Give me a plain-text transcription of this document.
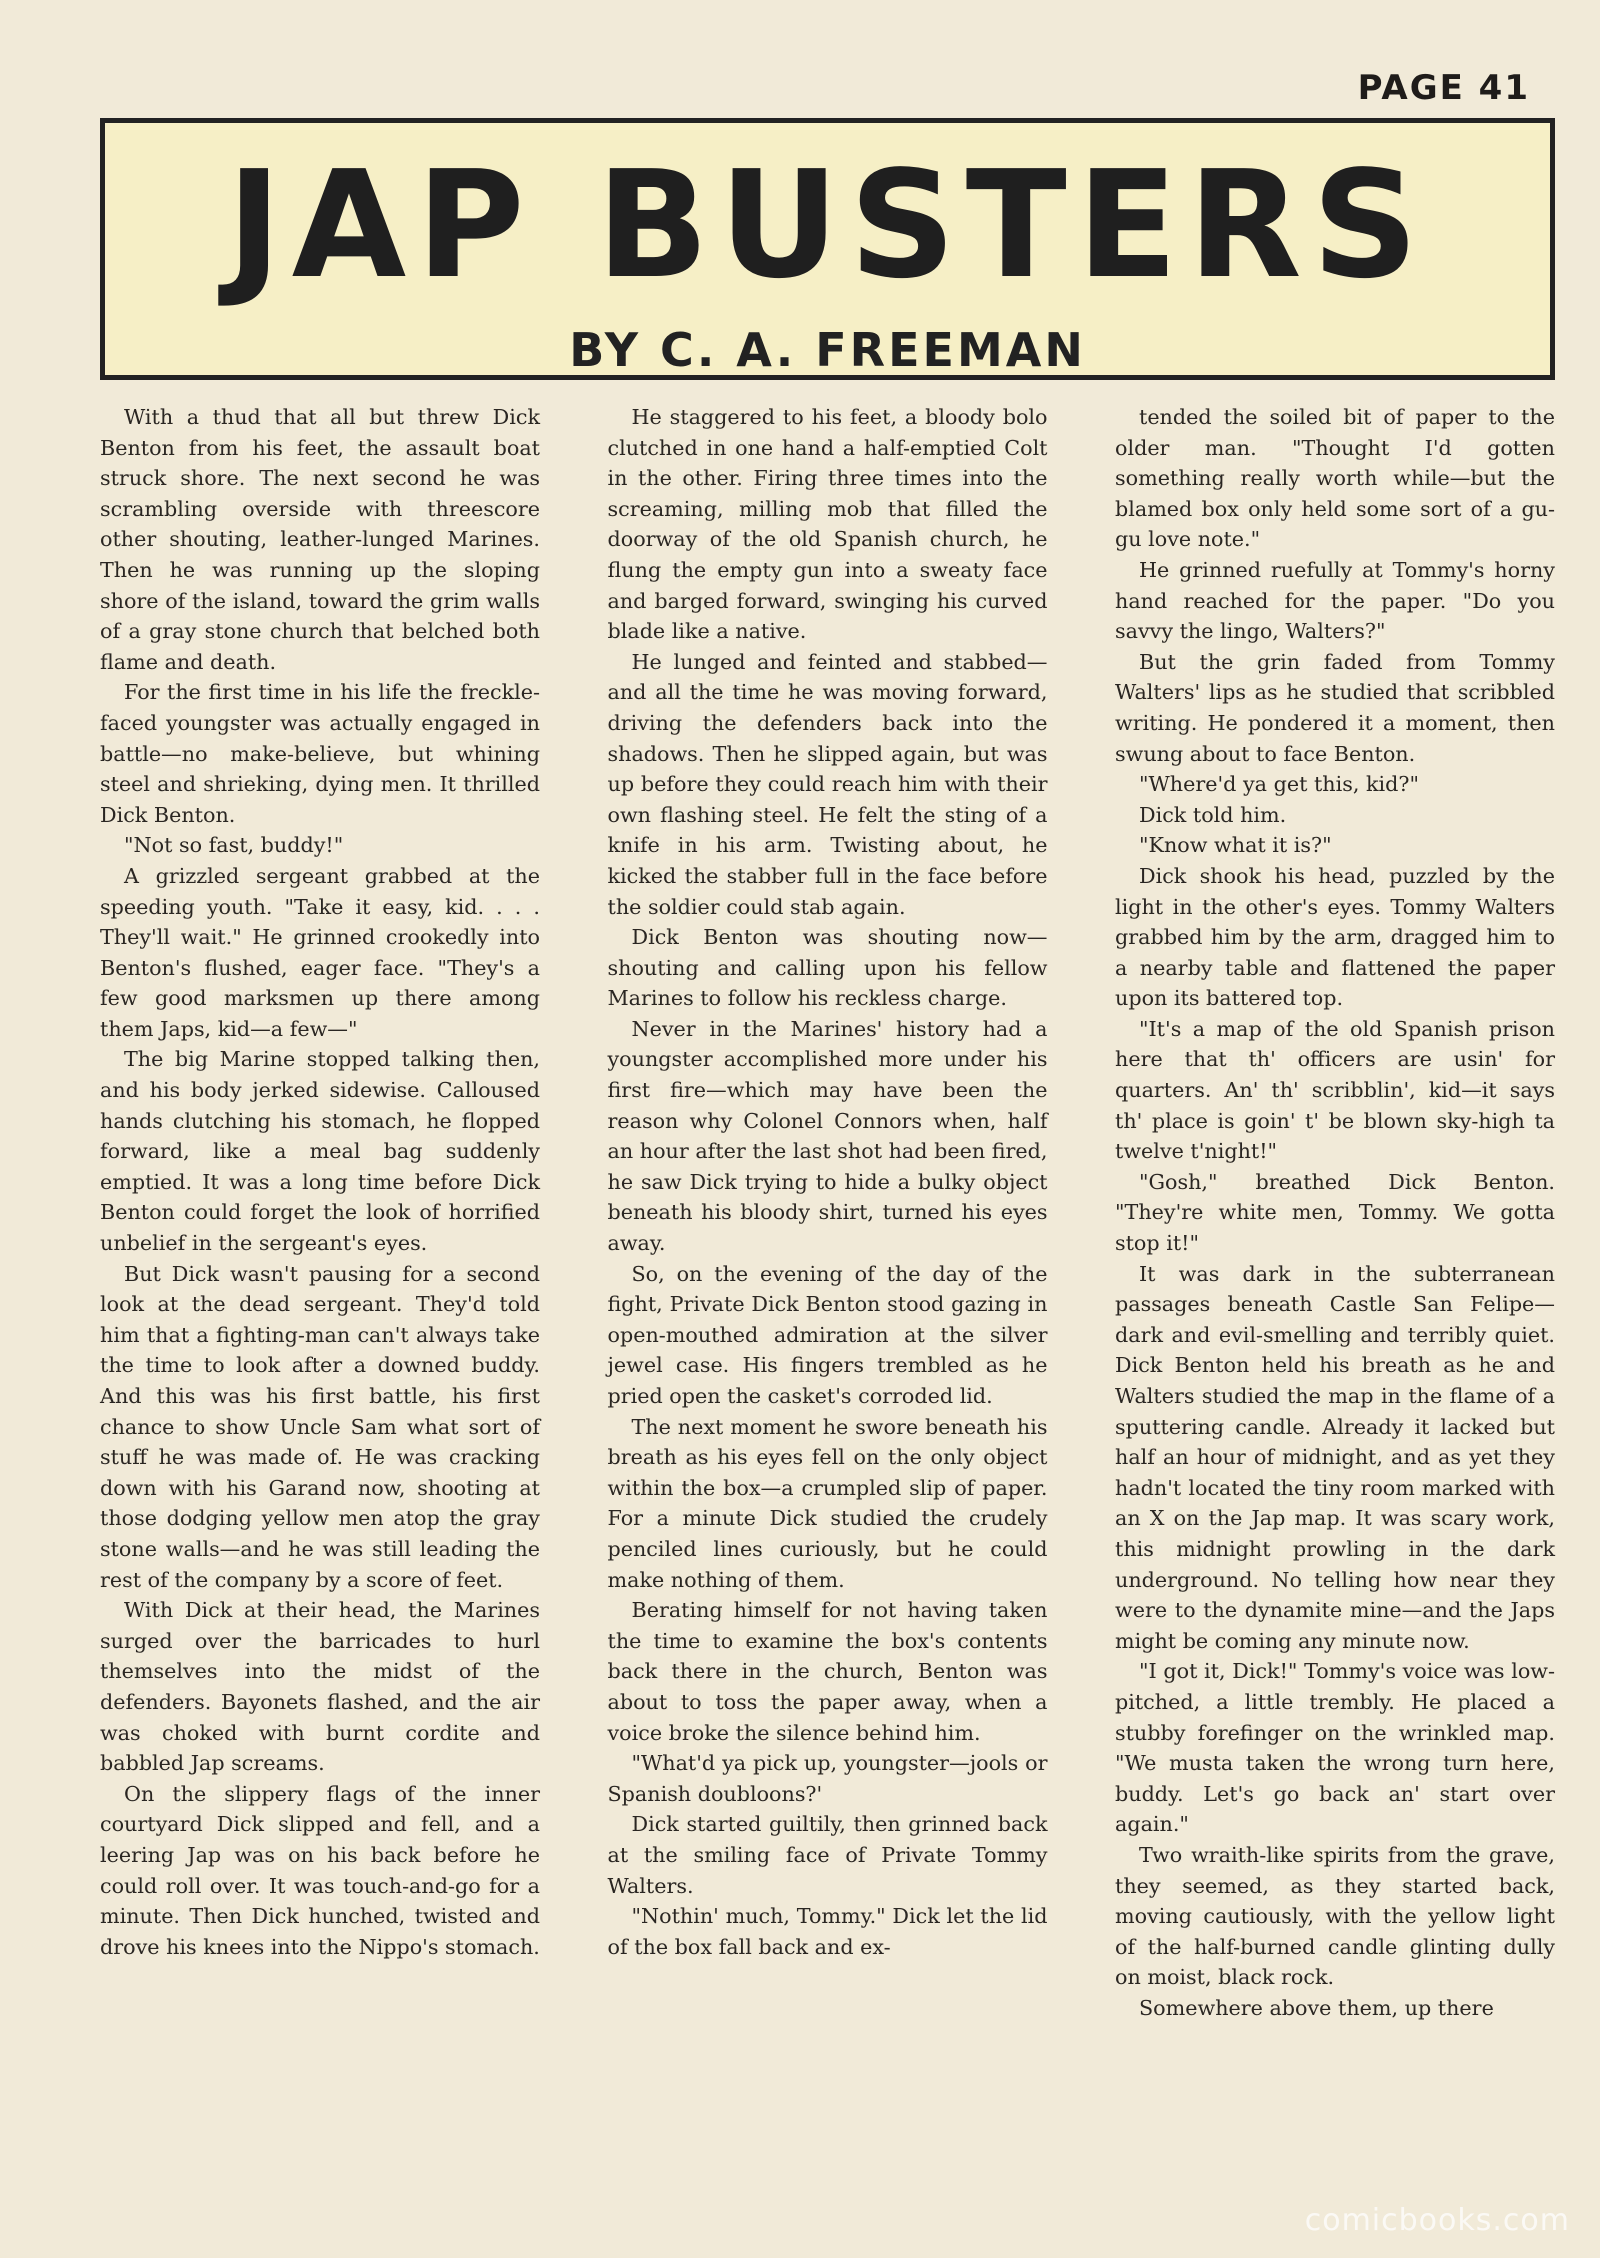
PAGE 41
JAP BUSTERS
BY C. A. FREEMAN

With a thud that all but threw Dick Benton from his feet, the assault boat struck shore. The next second he was scrambling overside with threescore other shouting, leather-lunged Marines. Then he was running up the sloping shore of the island, toward the grim walls of a gray stone church that belched both flame and death.

For the first time in his life the freckle-faced youngster was actually engaged in battle—no make-believe, but whining steel and shrieking, dying men. It thrilled Dick Benton.

"Not so fast, buddy!"

A grizzled sergeant grabbed at the speeding youth. "Take it easy, kid. . . . They'll wait." He grinned crookedly into Benton's flushed, eager face. "They's a few good marksmen up there among them Japs, kid—a few—"

The big Marine stopped talking then, and his body jerked sidewise. Calloused hands clutching his stomach, he flopped forward, like a meal bag suddenly emptied. It was a long time before Dick Benton could forget the look of horrified unbelief in the sergeant's eyes.

But Dick wasn't pausing for a second look at the dead sergeant. They'd told him that a fighting-man can't always take the time to look after a downed buddy. And this was his first battle, his first chance to show Uncle Sam what sort of stuff he was made of. He was cracking down with his Garand now, shooting at those dodging yellow men atop the gray stone walls—and he was still leading the rest of the company by a score of feet.

With Dick at their head, the Marines surged over the barricades to hurl themselves into the midst of the defenders. Bayonets flashed, and the air was choked with burnt cordite and babbled Jap screams.

On the slippery flags of the inner courtyard Dick slipped and fell, and a leering Jap was on his back before he could roll over. It was touch-and-go for a minute. Then Dick hunched, twisted and drove his knees into the Nippo's stomach.

He staggered to his feet, a bloody bolo clutched in one hand a half-emptied Colt in the other. Firing three times into the screaming, milling mob that filled the doorway of the old Spanish church, he flung the empty gun into a sweaty face and barged forward, swinging his curved blade like a native.

He lunged and feinted and stabbed—and all the time he was moving forward, driving the defenders back into the shadows. Then he slipped again, but was up before they could reach him with their own flashing steel. He felt the sting of a knife in his arm. Twisting about, he kicked the stabber full in the face before the soldier could stab again.

Dick Benton was shouting now—shouting and calling upon his fellow Marines to follow his reckless charge.

Never in the Marines' history had a youngster accomplished more under his first fire—which may have been the reason why Colonel Connors when, half an hour after the last shot had been fired, he saw Dick trying to hide a bulky object beneath his bloody shirt, turned his eyes away.

So, on the evening of the day of the fight, Private Dick Benton stood gazing in open-mouthed admiration at the silver jewel case. His fingers trembled as he pried open the casket's corroded lid.

The next moment he swore beneath his breath as his eyes fell on the only object within the box—a crumpled slip of paper. For a minute Dick studied the crudely penciled lines curiously, but he could make nothing of them.

Berating himself for not having taken the time to examine the box's contents back there in the church, Benton was about to toss the paper away, when a voice broke the silence behind him.

"What'd ya pick up, youngster—jools or Spanish doubloons?'

Dick started guiltily, then grinned back at the smiling face of Private Tommy Walters.

"Nothin' much, Tommy." Dick let the lid of the box fall back and ex-

tended the soiled bit of paper to the older man. "Thought I'd gotten something really worth while—but the blamed box only held some sort of a gu-gu love note."

He grinned ruefully at Tommy's horny hand reached for the paper. "Do you savvy the lingo, Walters?"

But the grin faded from Tommy Walters' lips as he studied that scribbled writing. He pondered it a moment, then swung about to face Benton.

"Where'd ya get this, kid?"

Dick told him.

"Know what it is?"

Dick shook his head, puzzled by the light in the other's eyes. Tommy Walters grabbed him by the arm, dragged him to a nearby table and flattened the paper upon its battered top.

"It's a map of the old Spanish prison here that th' officers are usin' for quarters. An' th' scribblin', kid—it says th' place is goin' t' be blown sky-high ta twelve t'night!"

"Gosh," breathed Dick Benton. "They're white men, Tommy. We gotta stop it!"

It was dark in the subterranean passages beneath Castle San Felipe—dark and evil-smelling and terribly quiet. Dick Benton held his breath as he and Walters studied the map in the flame of a sputtering candle. Already it lacked but half an hour of midnight, and as yet they hadn't located the tiny room marked with an X on the Jap map. It was scary work, this midnight prowling in the dark underground. No telling how near they were to the dynamite mine—and the Japs might be coming any minute now.

"I got it, Dick!" Tommy's voice was low-pitched, a little trembly. He placed a stubby forefinger on the wrinkled map. "We musta taken the wrong turn here, buddy. Let's go back an' start over again."

Two wraith-like spirits from the grave, they seemed, as they started back, moving cautiously, with the yellow light of the half-burned candle glinting dully on moist, black rock.

Somewhere above them, up there

comicbooks.com
